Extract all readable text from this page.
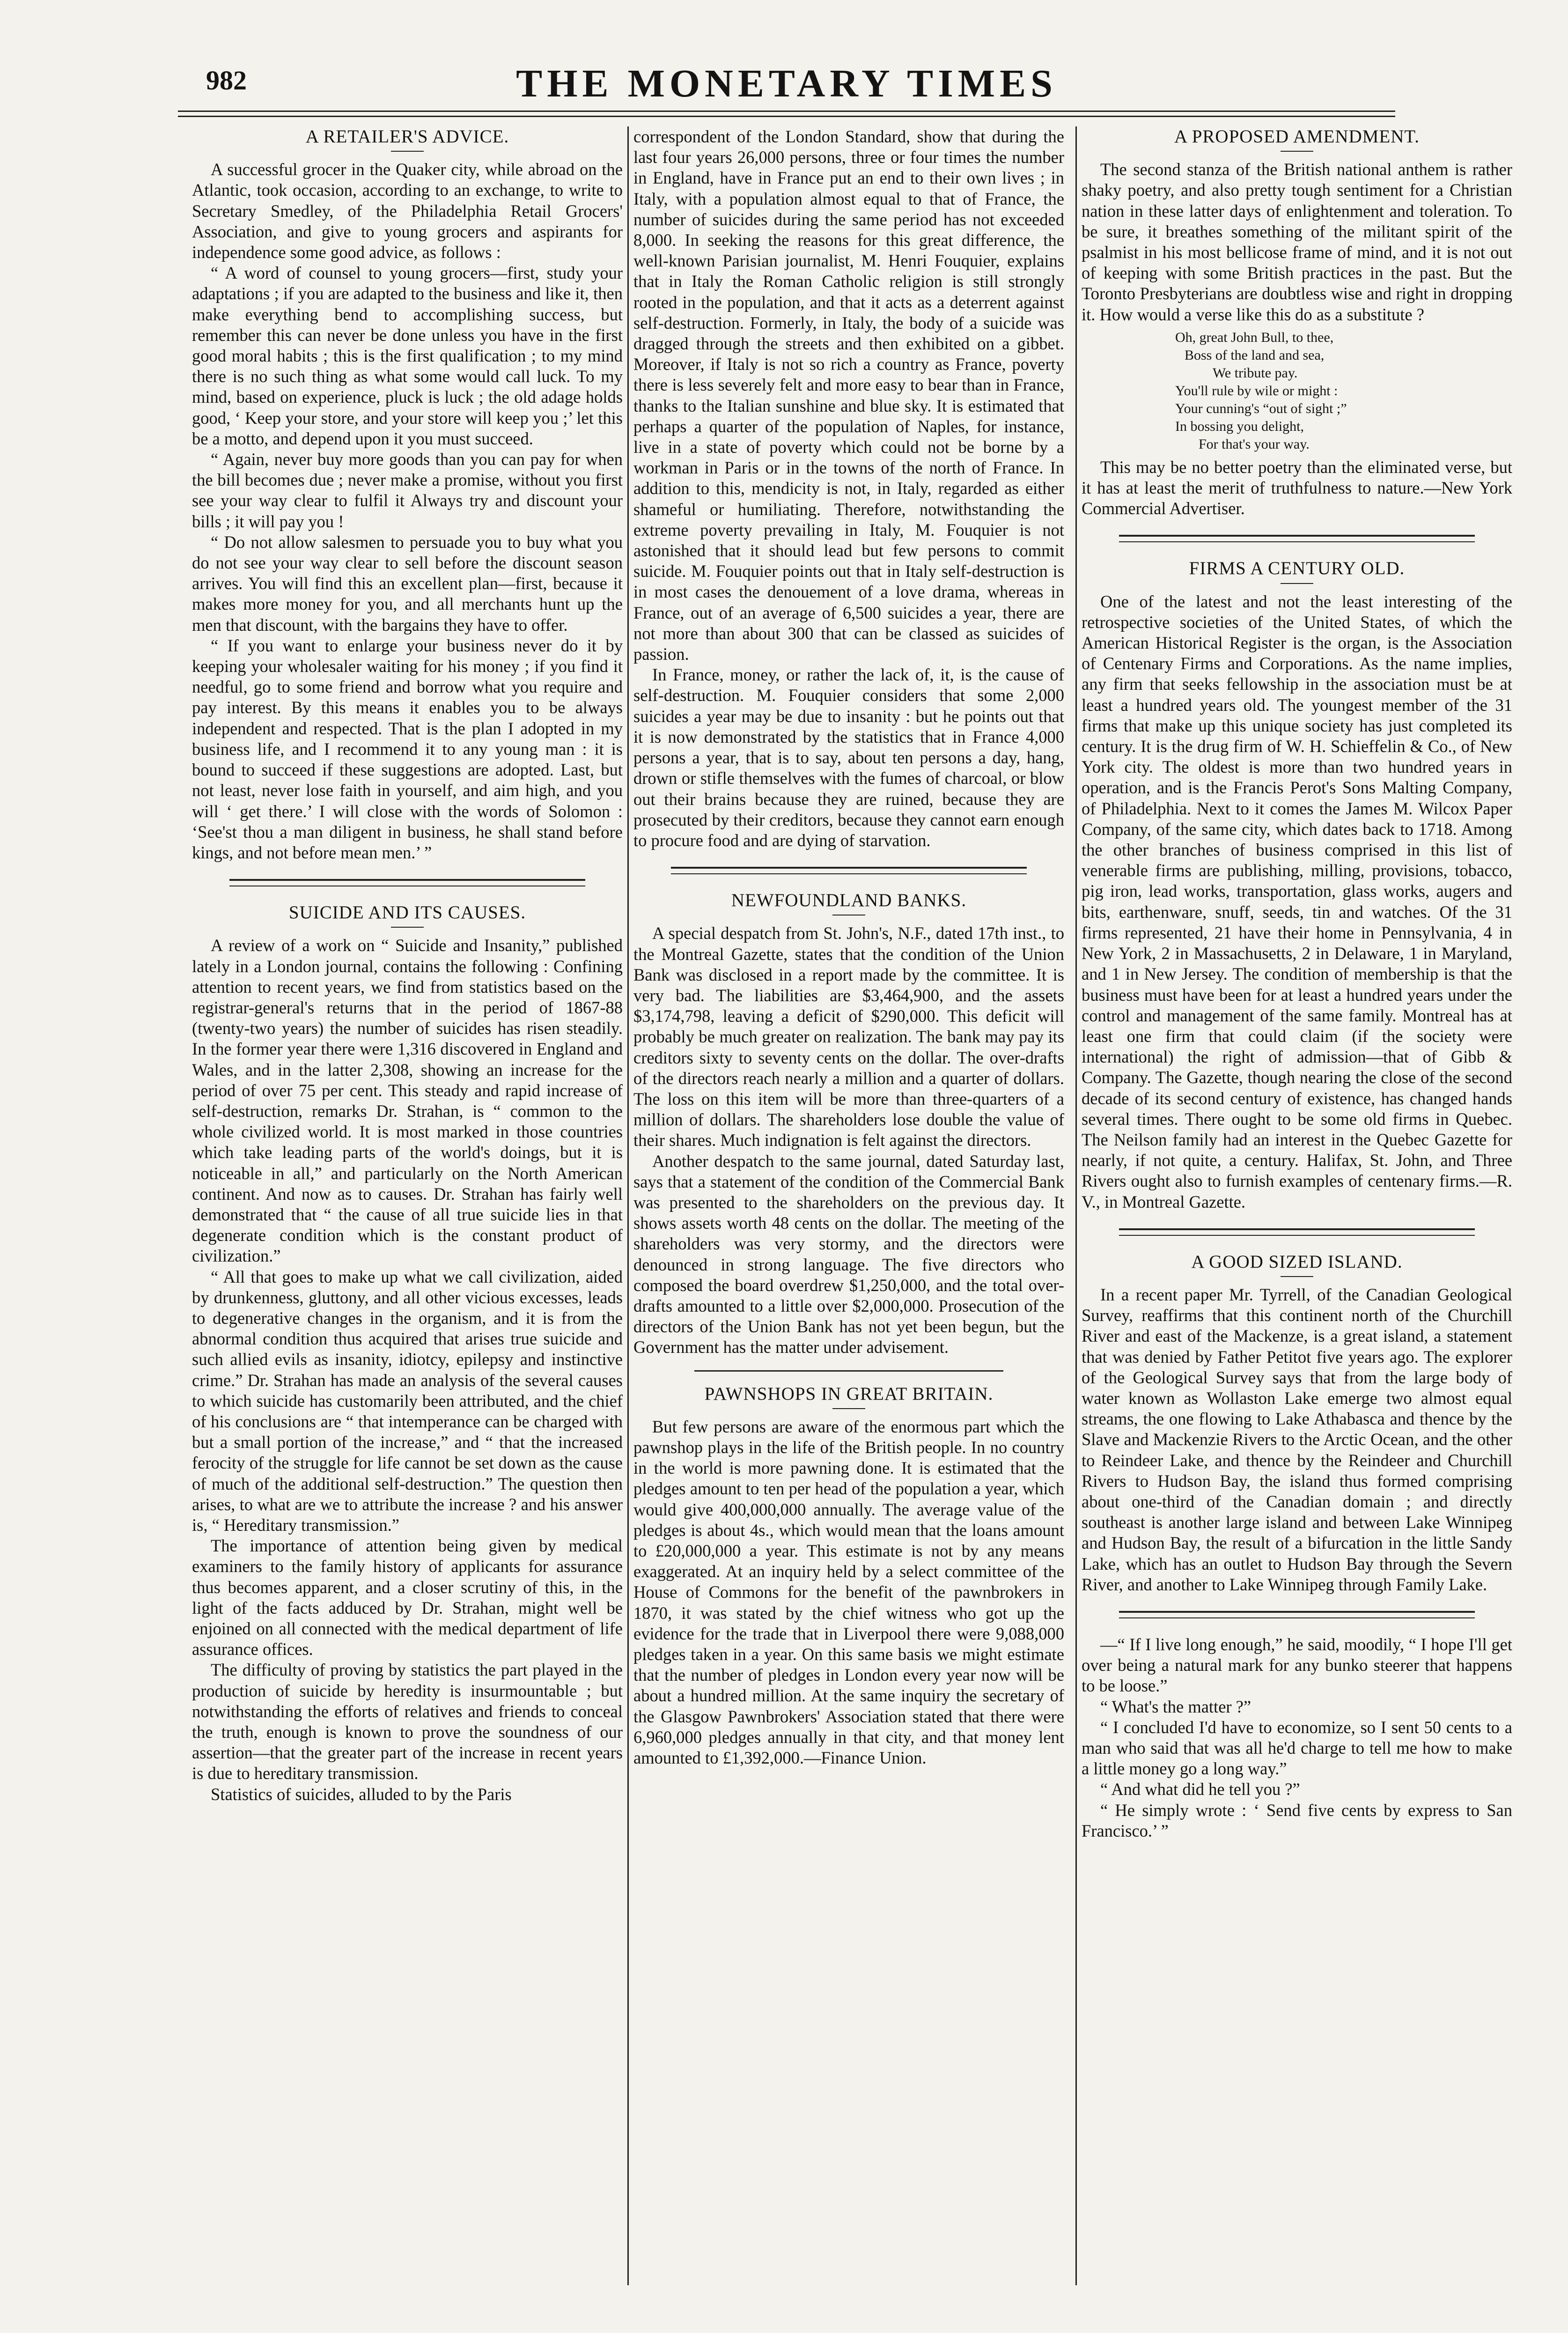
982	THE MONETARY TIMES
A RETAILER'S ADVICE.

A successful grocer in the Quaker city, while abroad on the Atlantic, took occasion, according to an exchange, to write to Secretary Smedley, of the Philadelphia Retail Grocers' Association, and give to young grocers and aspirants for independence some good advice, as follows :

“ A word of counsel to young grocers—first, study your adaptations ; if you are adapted to the business and like it, then make everything bend to accomplishing success, but remember this can never be done unless you have in the first good moral habits ; this is the first qualification ; to my mind there is no such thing as what some would call luck. To my mind, based on experience, pluck is luck ; the old adage holds good, ‘ Keep your store, and your store will keep you ;’ let this be a motto, and depend upon it you must succeed.

“ Again, never buy more goods than you can pay for when the bill becomes due ; never make a promise, without you first see your way clear to fulfil it Always try and discount your bills ; it will pay you !

“ Do not allow salesmen to persuade you to buy what you do not see your way clear to sell before the discount season arrives. You will find this an excellent plan—first, because it makes more money for you, and all merchants hunt up the men that discount, with the bargains they have to offer.

“ If you want to enlarge your business never do it by keeping your wholesaler waiting for his money ; if you find it needful, go to some friend and borrow what you require and pay interest. By this means it enables you to be always independent and respected. That is the plan I adopted in my business life, and I recommend it to any young man : it is bound to succeed if these suggestions are adopted. Last, but not least, never lose faith in yourself, and aim high, and you will ‘ get there.’ I will close with the words of Solomon : ‘See'st thou a man diligent in business, he shall stand before kings, and not before mean men.’ ”

SUICIDE AND ITS CAUSES.

A review of a work on “ Suicide and Insanity,” published lately in a London journal, contains the following : Confining attention to recent years, we find from statistics based on the registrar-general's returns that in the period of 1867-88 (twenty-two years) the number of suicides has risen steadily. In the former year there were 1,316 discovered in England and Wales, and in the latter 2,308, showing an increase for the period of over 75 per cent. This steady and rapid increase of self-destruction, remarks Dr. Strahan, is “ common to the whole civilized world. It is most marked in those countries which take leading parts of the world's doings, but it is noticeable in all,” and particularly on the North American continent. And now as to causes. Dr. Strahan has fairly well demonstrated that “ the cause of all true suicide lies in that degenerate condition which is the constant product of civilization.”

“ All that goes to make up what we call civilization, aided by drunkenness, gluttony, and all other vicious excesses, leads to degenerative changes in the organism, and it is from the abnormal condition thus acquired that arises true suicide and such allied evils as insanity, idiotcy, epilepsy and instinctive crime.” Dr. Strahan has made an analysis of the several causes to which suicide has customarily been attributed, and the chief of his conclusions are “ that intemperance can be charged with but a small portion of the increase,” and “ that the increased ferocity of the struggle for life cannot be set down as the cause of much of the additional self-destruction.” The question then arises, to what are we to attribute the increase ? and his answer is, “ Hereditary transmission.”

The importance of attention being given by medical examiners to the family history of applicants for assurance thus becomes apparent, and a closer scrutiny of this, in the light of the facts adduced by Dr. Strahan, might well be enjoined on all connected with the medical department of life assurance offices.

The difficulty of proving by statistics the part played in the production of suicide by heredity is insurmountable ; but notwithstanding the efforts of relatives and friends to conceal the truth, enough is known to prove the soundness of our assertion—that the greater part of the increase in recent years is due to hereditary transmission.

Statistics of suicides, alluded to by the Paris

correspondent of the London Standard, show that during the last four years 26,000 persons, three or four times the number in England, have in France put an end to their own lives ; in Italy, with a population almost equal to that of France, the number of suicides during the same period has not exceeded 8,000. In seeking the reasons for this great difference, the well-known Parisian journalist, M. Henri Fouquier, explains that in Italy the Roman Catholic religion is still strongly rooted in the population, and that it acts as a deterrent against self-destruction. Formerly, in Italy, the body of a suicide was dragged through the streets and then exhibited on a gibbet. Moreover, if Italy is not so rich a country as France, poverty there is less severely felt and more easy to bear than in France, thanks to the Italian sunshine and blue sky. It is estimated that perhaps a quarter of the population of Naples, for instance, live in a state of poverty which could not be borne by a workman in Paris or in the towns of the north of France. In addition to this, mendicity is not, in Italy, regarded as either shameful or humiliating. Therefore, notwithstanding the extreme poverty prevailing in Italy, M. Fouquier is not astonished that it should lead but few persons to commit suicide. M. Fouquier points out that in Italy self-destruction is in most cases the denouement of a love drama, whereas in France, out of an average of 6,500 suicides a year, there are not more than about 300 that can be classed as suicides of passion.

In France, money, or rather the lack of, it, is the cause of self-destruction. M. Fouquier considers that some 2,000 suicides a year may be due to insanity : but he points out that it is now demonstrated by the statistics that in France 4,000 persons a year, that is to say, about ten persons a day, hang, drown or stifle themselves with the fumes of charcoal, or blow out their brains because they are ruined, because they are prosecuted by their creditors, because they cannot earn enough to procure food and are dying of starvation.

NEWFOUNDLAND BANKS.

A special despatch from St. John's, N.F., dated 17th inst., to the Montreal Gazette, states that the condition of the Union Bank was disclosed in a report made by the committee. It is very bad. The liabilities are $3,464,900, and the assets $3,174,798, leaving a deficit of $290,000. This deficit will probably be much greater on realization. The bank may pay its creditors sixty to seventy cents on the dollar. The over-drafts of the directors reach nearly a million and a quarter of dollars. The loss on this item will be more than three-quarters of a million of dollars. The shareholders lose double the value of their shares. Much indignation is felt against the directors.

Another despatch to the same journal, dated Saturday last, says that a statement of the condition of the Commercial Bank was presented to the shareholders on the previous day. It shows assets worth 48 cents on the dollar. The meeting of the shareholders was very stormy, and the directors were denounced in strong language. The five directors who composed the board overdrew $1,250,000, and the total over-drafts amounted to a little over $2,000,000. Prosecution of the directors of the Union Bank has not yet been begun, but the Government has the matter under advisement.

PAWNSHOPS IN GREAT BRITAIN.

But few persons are aware of the enormous part which the pawnshop plays in the life of the British people. In no country in the world is more pawning done. It is estimated that the pledges amount to ten per head of the population a year, which would give 400,000,000 annually. The average value of the pledges is about 4s., which would mean that the loans amount to £20,000,000 a year. This estimate is not by any means exaggerated. At an inquiry held by a select committee of the House of Commons for the benefit of the pawnbrokers in 1870, it was stated by the chief witness who got up the evidence for the trade that in Liverpool there were 9,088,000 pledges taken in a year. On this same basis we might estimate that the number of pledges in London every year now will be about a hundred million. At the same inquiry the secretary of the Glasgow Pawnbrokers' Association stated that there were 6,960,000 pledges annually in that city, and that money lent amounted to £1,392,000.—Finance Union.

A PROPOSED AMENDMENT.

The second stanza of the British national anthem is rather shaky poetry, and also pretty tough sentiment for a Christian nation in these latter days of enlightenment and toleration. To be sure, it breathes something of the militant spirit of the psalmist in his most bellicose frame of mind, and it is not out of keeping with some British practices in the past. But the Toronto Presbyterians are doubtless wise and right in dropping it. How would a verse like this do as a substitute ?

Oh, great John Bull, to thee,
Boss of the land and sea,
We tribute pay.
You'll rule by wile or might :
Your cunning's “out of sight ;”
In bossing you delight,
For that's your way.

This may be no better poetry than the eliminated verse, but it has at least the merit of truthfulness to nature.—New York Commercial Advertiser.

FIRMS A CENTURY OLD.

One of the latest and not the least interesting of the retrospective societies of the United States, of which the American Historical Register is the organ, is the Association of Centenary Firms and Corporations. As the name implies, any firm that seeks fellowship in the association must be at least a hundred years old. The youngest member of the 31 firms that make up this unique society has just completed its century. It is the drug firm of W. H. Schieffelin & Co., of New York city. The oldest is more than two hundred years in operation, and is the Francis Perot's Sons Malting Company, of Philadelphia. Next to it comes the James M. Wilcox Paper Company, of the same city, which dates back to 1718. Among the other branches of business comprised in this list of venerable firms are publishing, milling, provisions, tobacco, pig iron, lead works, transportation, glass works, augers and bits, earthenware, snuff, seeds, tin and watches. Of the 31 firms represented, 21 have their home in Pennsylvania, 4 in New York, 2 in Massachusetts, 2 in Delaware, 1 in Maryland, and 1 in New Jersey. The condition of membership is that the business must have been for at least a hundred years under the control and management of the same family. Montreal has at least one firm that could claim (if the society were international) the right of admission—that of Gibb & Company. The Gazette, though nearing the close of the second decade of its second century of existence, has changed hands several times. There ought to be some old firms in Quebec. The Neilson family had an interest in the Quebec Gazette for nearly, if not quite, a century. Halifax, St. John, and Three Rivers ought also to furnish examples of centenary firms.—R. V., in Montreal Gazette.

A GOOD SIZED ISLAND.

In a recent paper Mr. Tyrrell, of the Canadian Geological Survey, reaffirms that this continent north of the Churchill River and east of the Mackenze, is a great island, a statement that was denied by Father Petitot five years ago. The explorer of the Geological Survey says that from the large body of water known as Wollaston Lake emerge two almost equal streams, the one flowing to Lake Athabasca and thence by the Slave and Mackenzie Rivers to the Arctic Ocean, and the other to Reindeer Lake, and thence by the Reindeer and Churchill Rivers to Hudson Bay, the island thus formed comprising about one-third of the Canadian domain ; and directly southeast is another large island and between Lake Winnipeg and Hudson Bay, the result of a bifurcation in the little Sandy Lake, which has an outlet to Hudson Bay through the Severn River, and another to Lake Winnipeg through Family Lake.

—“ If I live long enough,” he said, moodily, “ I hope I'll get over being a natural mark for any bunko steerer that happens to be loose.”

“ What's the matter ?”

“ I concluded I'd have to economize, so I sent 50 cents to a man who said that was all he'd charge to tell me how to make a little money go a long way.”

“ And what did he tell you ?”

“ He simply wrote : ‘ Send five cents by express to San Francisco.’ ”
